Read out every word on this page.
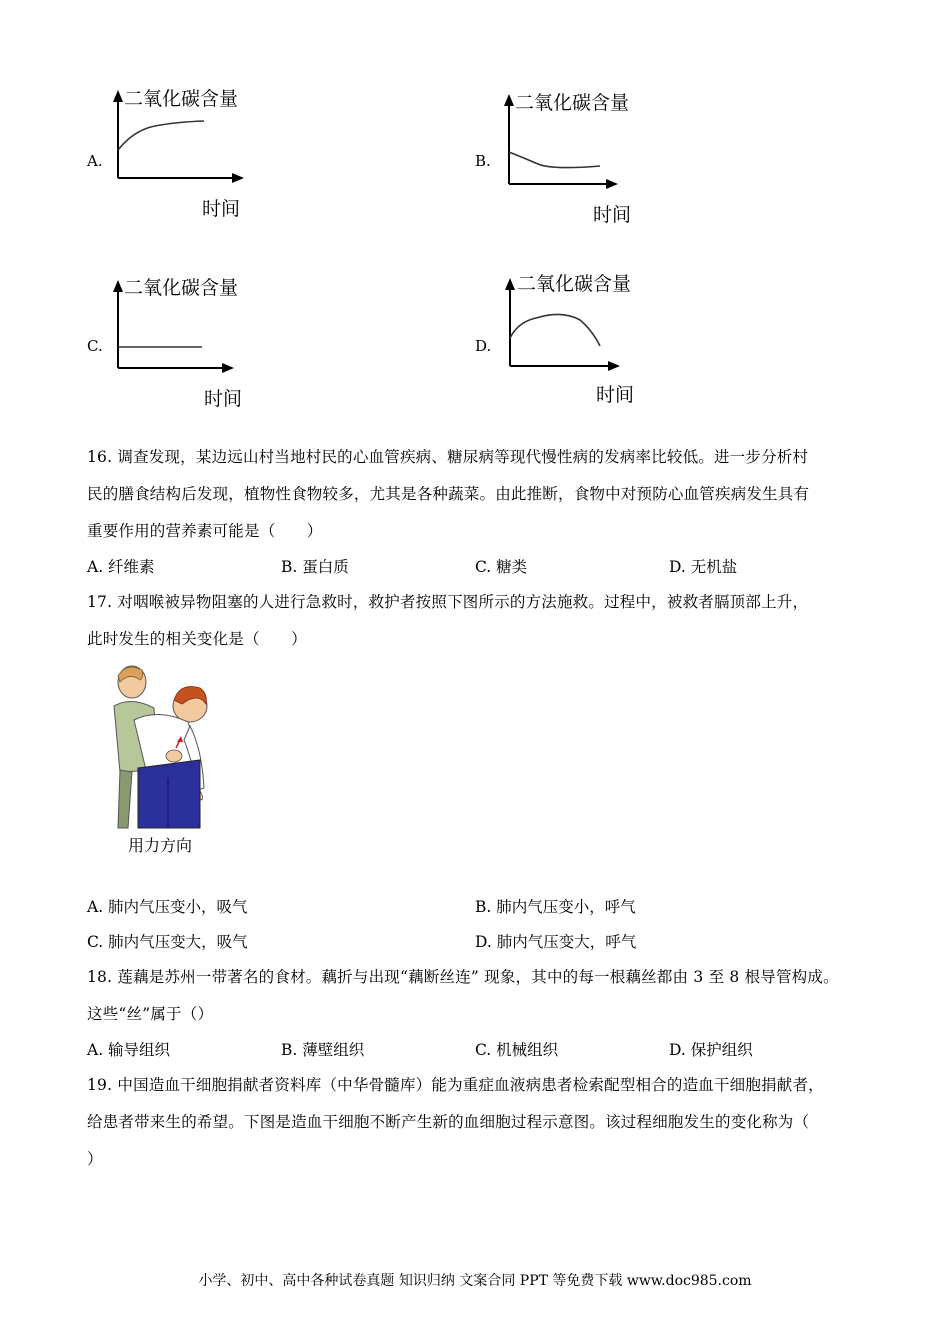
A.
二氧化碳含量
时间
B.
二氧化碳含量
时间
C.
二氧化碳含量
时间
D.
二氧化碳含量
时间
16. 调查发现，某边远山村当地村民的心血管疾病、糖尿病等现代慢性病的发病率比较低。进一步分析村
民的膳食结构后发现，植物性食物较多，尤其是各种蔬菜。由此推断，食物中对预防心血管疾病发生具有
重要作用的营养素可能是（　　）
A. 纤维素	B. 蛋白质	C. 糖类	D. 无机盐
17. 对咽喉被异物阻塞的人进行急救时，救护者按照下图所示的方法施救。过程中，被救者膈顶部上升，
此时发生的相关变化是（　　）
用力方向
A. 肺内气压变小，吸气	B. 肺内气压变小，呼气
C. 肺内气压变大，吸气	D. 肺内气压变大，呼气
18. 莲藕是苏州一带著名的食材。藕折与出现“藕断丝连” 现象，其中的每一根藕丝都由 3 至 8 根导管构成。
这些“丝”属于（）
A. 输导组织	B. 薄壁组织	C. 机械组织	D. 保护组织
19. 中国造血干细胞捐献者资料库（中华骨髓库）能为重症血液病患者检索配型相合的造血干细胞捐献者，
给患者带来生的希望。下图是造血干细胞不断产生新的血细胞过程示意图。该过程细胞发生的变化称为（
）
小学、初中、高中各种试卷真题 知识归纳 文案合同 PPT 等免费下载 www.doc985.com
